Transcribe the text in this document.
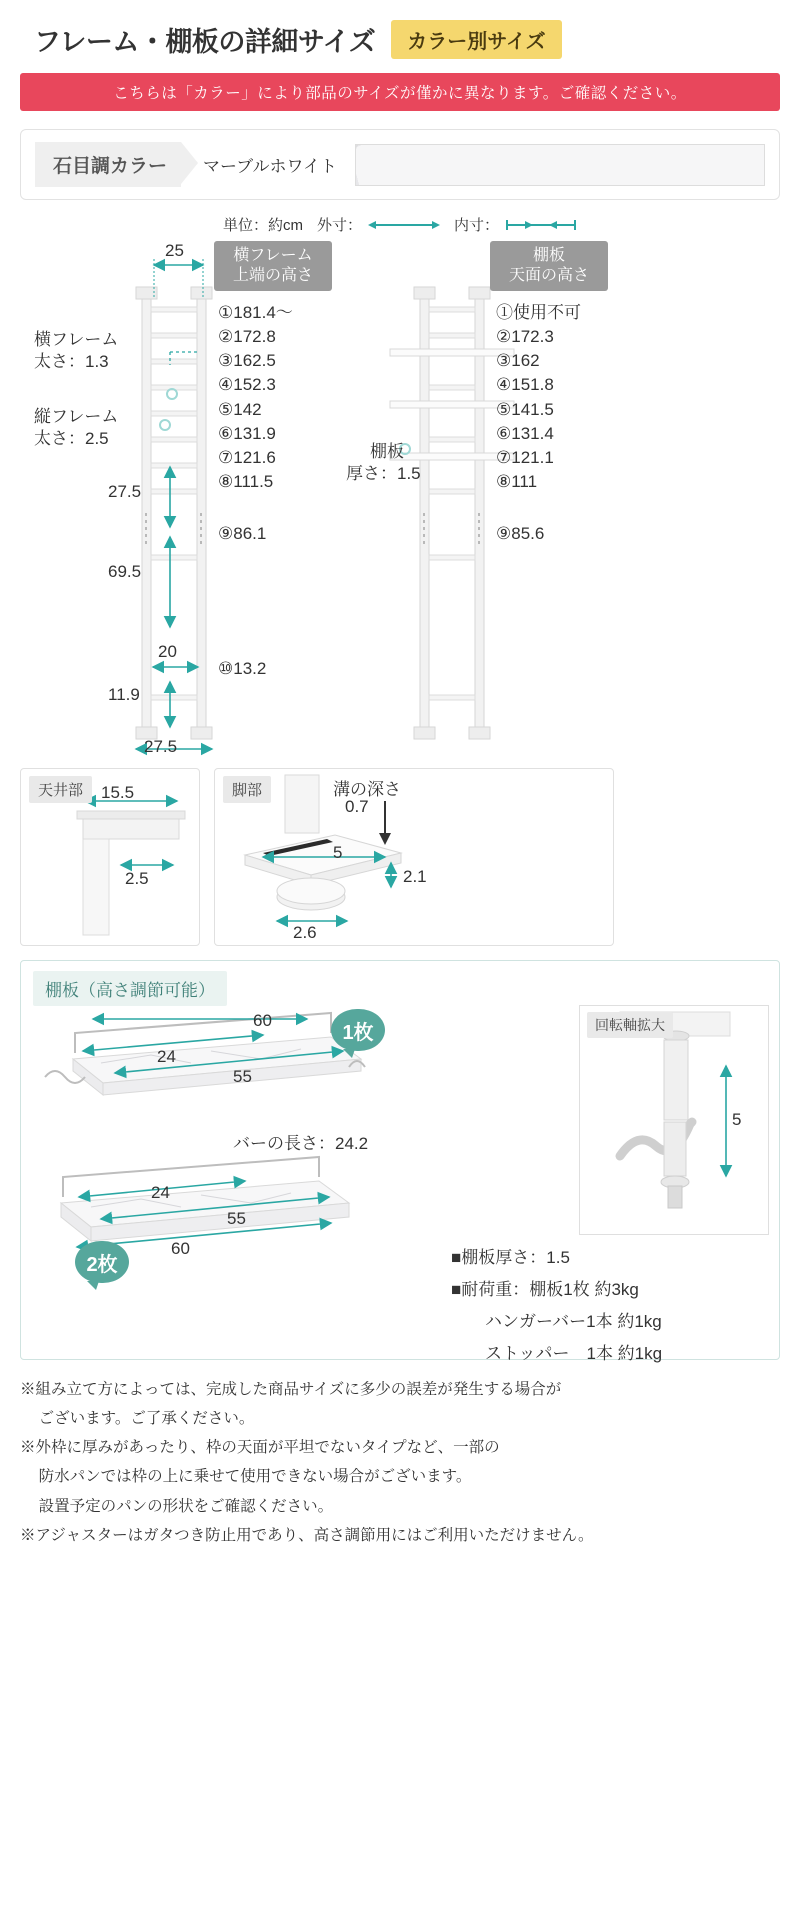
フレーム・棚板の詳細サイズ	カラー別サイズ
こちらは「カラー」により部品のサイズが僅かに異なります。ご確認ください。
石目調カラー	マーブルホワイト
単位：約cm 外寸：	内寸：
横フレーム
上端の高さ
棚板
天面の高さ
25
横フレーム
太さ：1.3
縦フレーム
太さ：2.5
27.5
69.5
20
11.9
27.5
棚板
厚さ：1.5
①181.4〜
②172.8
③162.5
④152.3
⑤142
⑥131.9
⑦121.6
⑧111.5
⑨86.1
⑩13.2
①使用不可
②172.3
③162
④151.8
⑤141.5
⑥131.4
⑦121.1
⑧111
⑨85.6
天井部	15.5
2.5
脚部
5
2.1
2.6
溝の深さ
0.7
棚板（高さ調節可能）
60
24
55
24
55
60
バーの長さ：24.2
1枚
2枚
回転軸拡大
5
■棚板厚さ：1.5
■耐荷重：棚板1枚 約3kg
　　ハンガーバー1本 約1kg
　　ストッパー　1本 約1kg

※組み立て方によっては、完成した商品サイズに多少の誤差が発生する場合が

ございます。ご了承ください。

※外枠に厚みがあったり、枠の天面が平坦でないタイプなど、一部の

防水パンでは枠の上に乗せて使用できない場合がございます。

設置予定のパンの形状をご確認ください。

※アジャスターはガタつき防止用であり、高さ調節用にはご利用いただけません。
